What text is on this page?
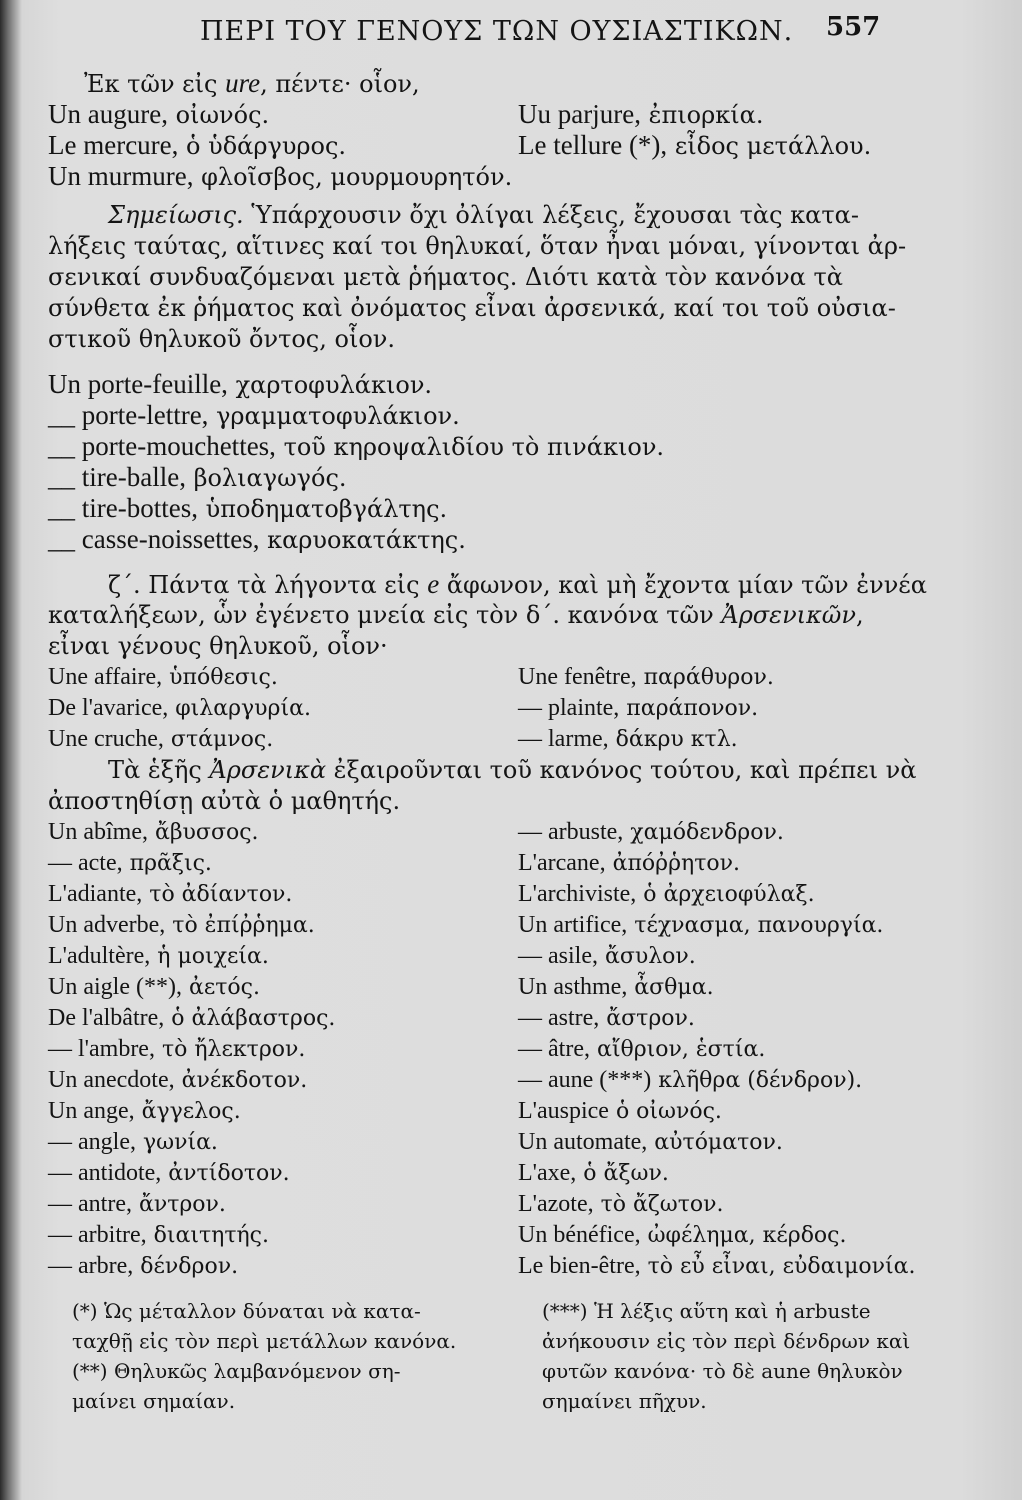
ΠΕΡΙ ΤΟΥ ΓΕΝΟΥΣ ΤΩΝ ΟΥΣΙΑΣΤΙΚΩΝ. 557
Ἐκ τῶν εἰς ure, πέντε· οἷον,
Un augure, οἰωνός.
Le mercure, ὁ ὑδάργυρος.
Un murmure, φλοῖσβος, μουρμουρητόν.
Uu parjure, ἐπιορκία.
Le tellure (*), εἶδος μετάλλου.
Σημείωσις. Ὑπάρχουσιν ὄχι ὀλίγαι λέξεις, ἔχουσαι τὰς κατα-
λήξεις ταύτας, αἵτινες καί τοι θηλυκαί, ὅταν ἦναι μόναι, γίνονται ἀρ-
σενικαί συνδυαζόμεναι μετὰ ῥήματος. Διότι κατὰ τὸν κανόνα τὰ
σύνθετα ἐκ ῥήματος καὶ ὀνόματος εἶναι ἀρσενικά, καί τοι τοῦ οὐσια-
στικοῦ θηλυκοῦ ὄντος, οἷον.
Un porte-feuille, χαρτοφυλάκιον.
__ porte-lettre, γραμματοφυλάκιον.
__ porte-mouchettes, τοῦ κηροψαλιδίου τὸ πινάκιον.
__ tire-balle, βολιαγωγός.
__ tire-bottes, ὑποδηματοβγάλτης.
__ casse-noissettes, καρυοκατάκτης.
ζ΄. Πάντα τὰ λήγοντα εἰς e ἄφωνον, καὶ μὴ ἔχοντα μίαν τῶν ἐννέα
καταλήξεων, ὧν ἐγένετο μνεία εἰς τὸν δ΄. κανόνα τῶν Ἀρσενικῶν,
εἶναι γένους θηλυκοῦ, οἷον·
Une affaire, ὑπόθεσις.
De l'avarice, φιλαργυρία.
Une cruche, στάμνος.
Une fenêtre, παράθυρον.
— plainte, παράπονον.
— larme, δάκρυ κτλ.
Τὰ ἑξῆς Ἀρσενικὰ ἐξαιροῦνται τοῦ κανόνος τούτου, καὶ πρέπει νὰ
ἀποστηθίσῃ αὐτὰ ὁ μαθητής.
Un abîme, ἄβυσσος.
— acte, πρᾶξις.
L'adiante, τὸ ἀδίαντον.
Un adverbe, τὸ ἐπίῤῥημα.
L'adultère, ἡ μοιχεία.
Un aigle (**), ἀετός.
De l'albâtre, ὁ ἀλάβαστρος.
— l'ambre, τὸ ἤλεκτρον.
Un anecdote, ἀνέκδοτον.
Un ange, ἄγγελος.
— angle, γωνία.
— antidote, ἀντίδοτον.
— antre, ἄντρον.
— arbitre, διαιτητής.
— arbre, δένδρον.
— arbuste, χαμόδενδρον.
L'arcane, ἀπόῤῥητον.
L'archiviste, ὁ ἀρχειοφύλαξ.
Un artifice, τέχνασμα, πανουργία.
— asile, ἄσυλον.
Un asthme, ἆσθμα.
— astre, ἄστρον.
— âtre, αἴθριον, ἑστία.
— aune (***) κλῆθρα (δένδρον).
L'auspice ὁ οἰωνός.
Un automate, αὐτόματον.
L'axe, ὁ ἄξων.
L'azote, τὸ ἄζωτον.
Un bénéfice, ὠφέλημα, κέρδος.
Le bien-être, τὸ εὖ εἶναι, εὐδαιμονία.
(*) Ὡς μέταλλον δύναται νὰ κατα-
ταχθῇ εἰς τὸν περὶ μετάλλων κανόνα.
(**) Θηλυκῶς λαμβανόμενον ση-
μαίνει σημαίαν.
(***) Ἡ λέξις αὕτη καὶ ἡ arbuste
ἀνήκουσιν εἰς τὸν περὶ δένδρων καὶ
φυτῶν κανόνα· τὸ δὲ aune θηλυκὸν
σημαίνει πῆχυν.
